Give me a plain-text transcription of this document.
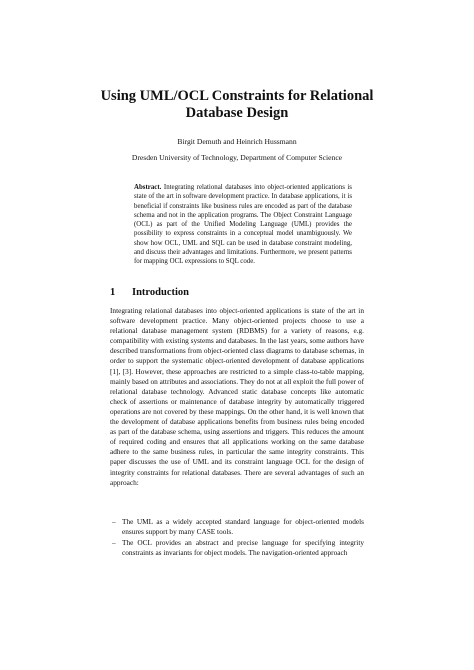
Using UML/OCL Constraints for Relational
Database Design

Birgit Demuth and Heinrich Hussmann

Dresden University of Technology, Department of Computer Science

Abstract. Integrating relational databases into object-oriented applications is state of the art in software development practice. In database applications, it is beneficial if constraints like business rules are encoded as part of the database schema and not in the application programs. The Object Constraint Language (OCL) as part of the Unified Modeling Language (UML) provides the possibility to express constraints in a conceptual model unambiguously. We show how OCL, UML and SQL can be used in database constraint modeling, and discuss their advantages and limitations. Furthermore, we present patterns for mapping OCL expressions to SQL code.

1 Introduction

Integrating relational databases into object-oriented applications is state of the art in software development practice. Many object-oriented projects choose to use a relational database management system (RDBMS) for a variety of reasons, e.g. compatibility with existing systems and databases. In the last years, some authors have described transformations from object-oriented class diagrams to database schemas, in order to support the systematic object-oriented development of database applications [1], [3]. However, these approaches are restricted to a simple class-to-table mapping, mainly based on attributes and associations. They do not at all exploit the full power of relational database technology. Advanced static database concepts like automatic check of assertions or maintenance of database integrity by automatically triggered operations are not covered by these mappings. On the other hand, it is well known that the development of database applications benefits from business rules being encoded as part of the database schema, using assertions and triggers. This reduces the amount of required coding and ensures that all applications working on the same database adhere to the same business rules, in particular the same integrity constraints. This paper discusses the use of UML and its constraint language OCL for the design of integrity constraints for relational databases. There are several advantages of such an approach:

– The UML as a widely accepted standard language for object-oriented models ensures support by many CASE tools.
– The OCL provides an abstract and precise language for specifying integrity constraints as invariants for object models. The navigation-oriented approach
